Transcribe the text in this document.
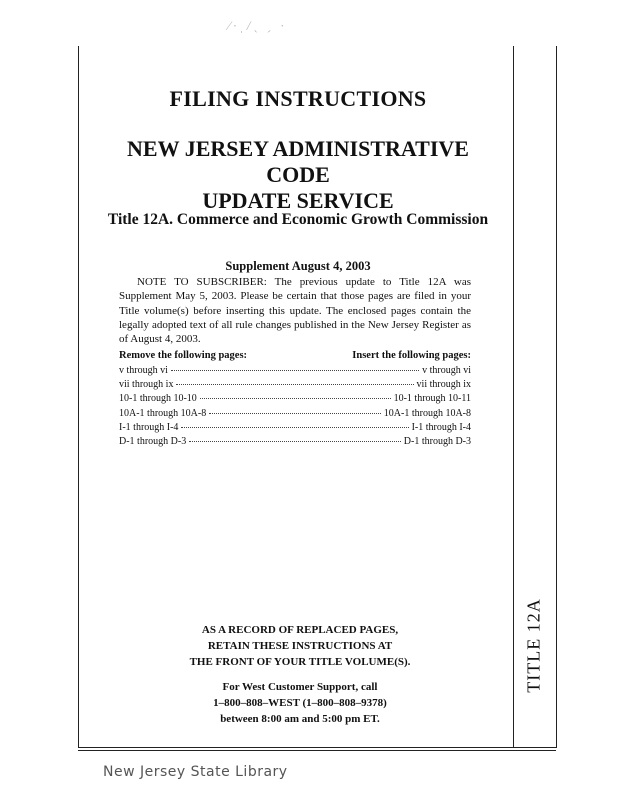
⁄·ˌ/ˎ ˏ ·
TITLE 12A
FILING INSTRUCTIONS
NEW JERSEY ADMINISTRATIVE CODE
UPDATE SERVICE
Title 12A. Commerce and Economic Growth Commission
Supplement August 4, 2003

NOTE TO SUBSCRIBER: The previous update to Title 12A was Supplement May 5, 2003. Please be certain that those pages are filed in your Title volume(s) before inserting this update. The enclosed pages contain the legally adopted text of all rule changes published in the New Jersey Register as of August 4, 2003.

Remove the following pages:	Insert the following pages:
v through vi	v through vi
vii through ix	vii through ix
10-1 through 10-10	10-1 through 10-11
10A-1 through 10A-8	10A-1 through 10A-8
I-1 through I-4	I-1 through I-4
D-1 through D-3	D-1 through D-3
AS A RECORD OF REPLACED PAGES,
RETAIN THESE INSTRUCTIONS AT
THE FRONT OF YOUR TITLE VOLUME(S).
For West Customer Support, call
1–800–808–WEST (1–800–808–9378)
between 8:00 am and 5:00 pm ET.
New Jersey State Library
